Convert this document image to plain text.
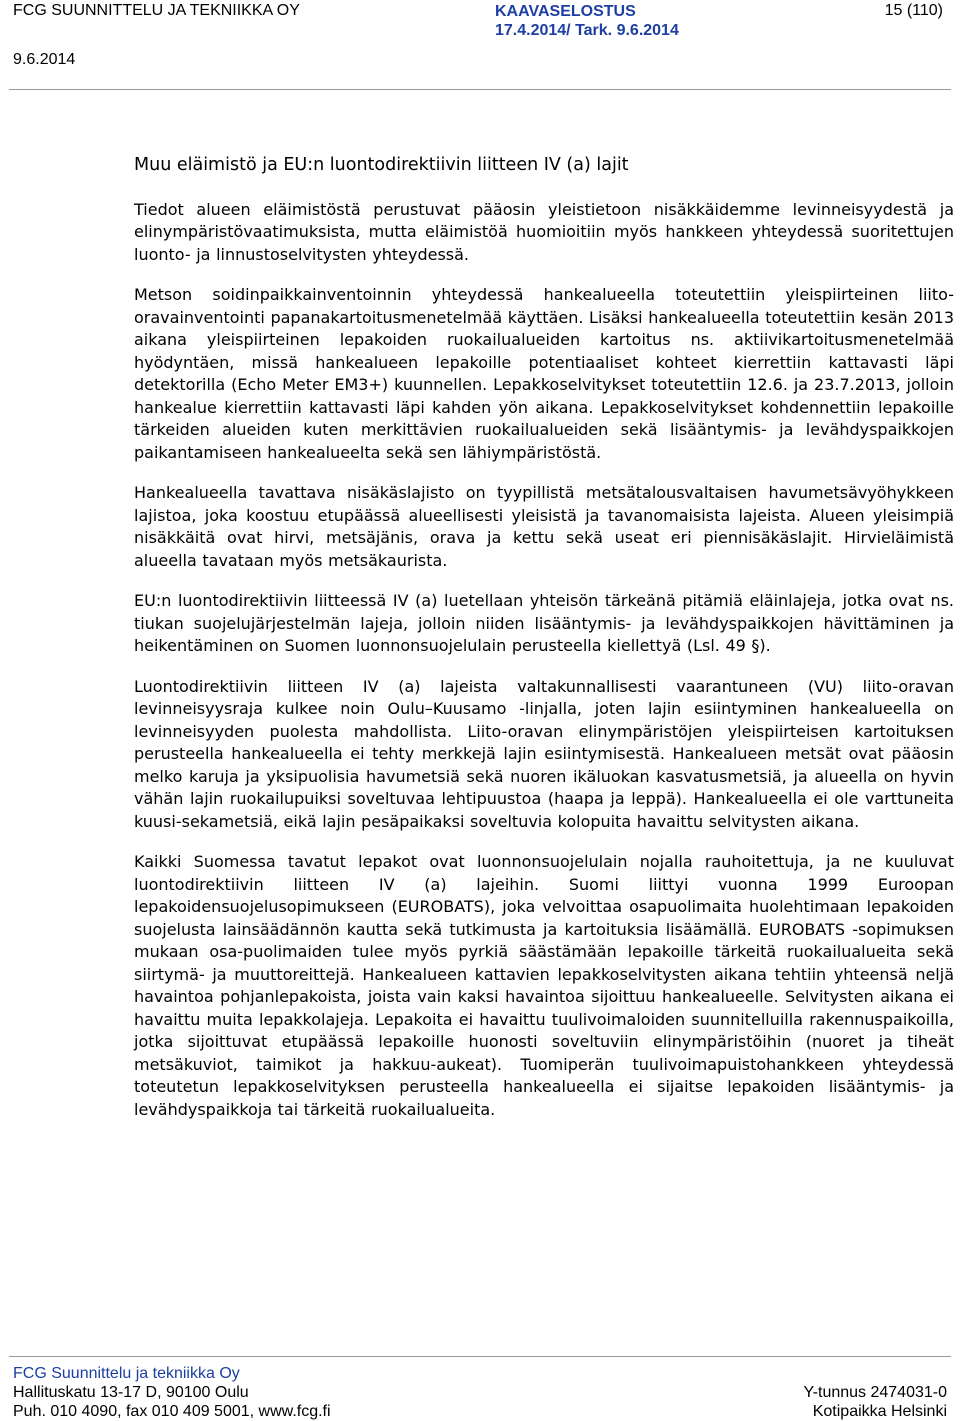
FCG SUUNNITTELU JA TEKNIIKKA OY	KAAVASELOSTUS
17.4.2014/ Tark. 9.6.2014
15 (110)
9.6.2014
Muu eläimistö ja EU:n luontodirektiivin liitteen IV (a) lajit

Tiedot alueen eläimistöstä perustuvat pääosin yleistietoon nisäkkäidemme levinneisyydestä ja elinympäristövaatimuksista, mutta eläimistöä huomioitiin myös hankkeen yhteydessä suoritettujen luonto- ja linnustoselvitysten yhteydessä.

Metson soidinpaikkainventoinnin yhteydessä hankealueella toteutettiin yleispiirteinen liito-oravainventointi papanakartoitusmenetelmää käyttäen. Lisäksi hankealueella toteutettiin kesän 2013 aikana yleispiirteinen lepakoiden ruokailualueiden kartoitus ns. aktiivikartoitusmenetelmää hyödyntäen, missä hankealueen lepakoille potentiaaliset kohteet kierrettiin kattavasti läpi detektorilla (Echo Meter EM3+) kuunnellen. Lepakkoselvitykset toteutettiin 12.6. ja 23.7.2013, jolloin hankealue kierrettiin kattavasti läpi kahden yön aikana. Lepakkoselvitykset kohdennettiin lepakoille tärkeiden alueiden kuten merkittävien ruokailualueiden sekä lisääntymis- ja levähdyspaikkojen paikantamiseen hankealueelta sekä sen lähiympäristöstä.

Hankealueella tavattava nisäkäslajisto on tyypillistä metsätalousvaltaisen havumetsävyöhykkeen lajistoa, joka koostuu etupäässä alueellisesti yleisistä ja tavanomaisista lajeista. Alueen yleisimpiä nisäkkäitä ovat hirvi, metsäjänis, orava ja kettu sekä useat eri piennisäkäslajit. Hirvieläimistä alueella tavataan myös metsäkaurista.

EU:n luontodirektiivin liitteessä IV (a) luetellaan yhteisön tärkeänä pitämiä eläinlajeja, jotka ovat ns. tiukan suojelujärjestelmän lajeja, jolloin niiden lisääntymis- ja levähdyspaikkojen hävittäminen ja heikentäminen on Suomen luonnonsuojelulain perusteella kiellettyä (Lsl. 49 §).

Luontodirektiivin liitteen IV (a) lajeista valtakunnallisesti vaarantuneen (VU) liito-oravan levinneisyysraja kulkee noin Oulu–Kuusamo -linjalla, joten lajin esiintyminen hankealueella on levinneisyyden puolesta mahdollista. Liito-oravan elinympäristöjen yleispiirteisen kartoituksen perusteella hankealueella ei tehty merkkejä lajin esiintymisestä. Hankealueen metsät ovat pääosin melko karuja ja yksipuolisia havumetsiä sekä nuoren ikäluokan kasvatusmetsiä, ja alueella on hyvin vähän lajin ruokailupuiksi soveltuvaa lehtipuustoa (haapa ja leppä). Hankealueella ei ole varttuneita kuusi-sekametsiä, eikä lajin pesäpaikaksi soveltuvia kolopuita havaittu selvitysten aikana.

Kaikki Suomessa tavatut lepakot ovat luonnonsuojelulain nojalla rauhoitettuja, ja ne kuuluvat luontodirektiivin liitteen IV (a) lajeihin. Suomi liittyi vuonna 1999 Euroopan lepakoidensuojelusopimukseen (EUROBATS), joka velvoittaa osapuolimaita huolehtimaan lepakoiden suojelusta lainsäädännön kautta sekä tutkimusta ja kartoituksia lisäämällä. EUROBATS -sopimuksen mukaan osa-puolimaiden tulee myös pyrkiä säästämään lepakoille tärkeitä ruokailualueita sekä siirtymä- ja muuttoreittejä. Hankealueen kattavien lepakkoselvitysten aikana tehtiin yhteensä neljä havaintoa pohjanlepakoista, joista vain kaksi havaintoa sijoittuu hankealueelle. Selvitysten aikana ei havaittu muita lepakkolajeja. Lepakoita ei havaittu tuulivoimaloiden suunnitelluilla rakennuspaikoilla, jotka sijoittuvat etupäässä lepakoille huonosti soveltuviin elinympäristöihin (nuoret ja tiheät metsäkuviot, taimikot ja hakkuu-aukeat). Tuomiperän tuulivoimapuistohankkeen yhteydessä toteutetun lepakkoselvityksen perusteella hankealueella ei sijaitse lepakoiden lisääntymis- ja levähdyspaikkoja tai tärkeitä ruokailualueita.

FCG Suunnittelu ja tekniikka Oy
Hallituskatu 13-17 D, 90100 Oulu
Puh. 010 4090, fax 010 409 5001, www.fcg.fi
Y-tunnus 2474031-0
Kotipaikka Helsinki
